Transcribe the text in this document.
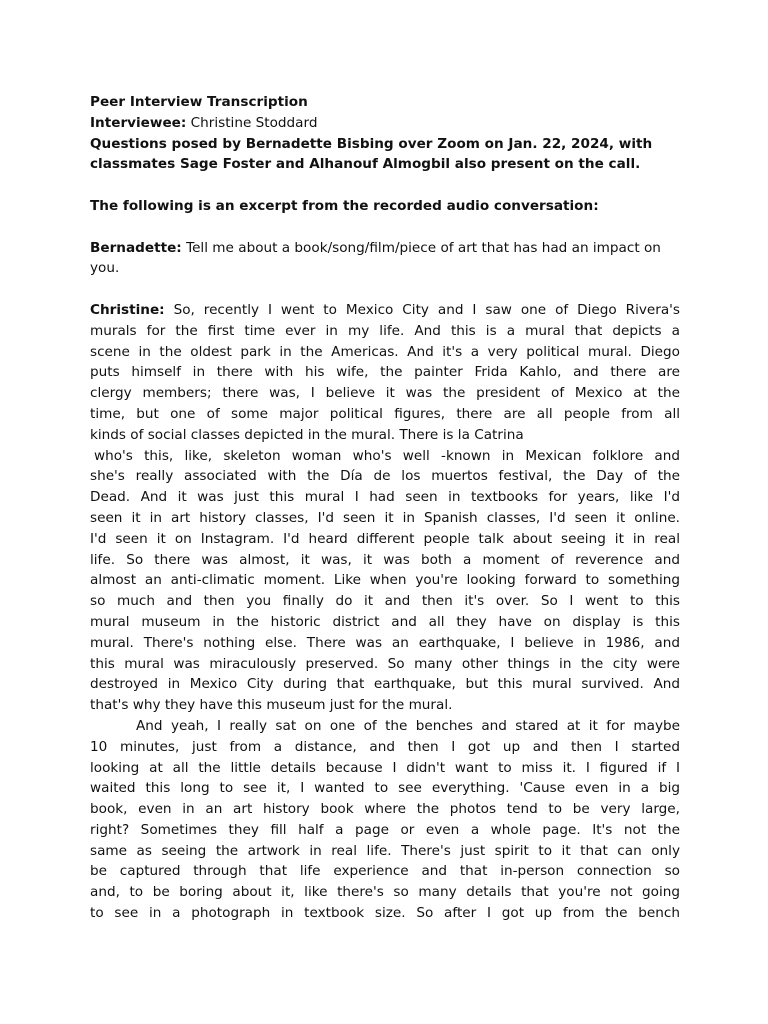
Peer Interview Transcription
Interviewee: Christine Stoddard
Questions posed by Bernadette Bisbing over Zoom on Jan. 22, 2024, with
classmates Sage Foster and Alhanouf Almogbil also present on the call.
The following is an excerpt from the recorded audio conversation:
Bernadette: Tell me about a book/song/film/piece of art that has had an impact on
you.
Christine: So, recently I went to Mexico City and I saw one of Diego Rivera's
murals for the first time ever in my life. And this is a mural that depicts a
scene in the oldest park in the Americas. And it's a very political mural. Diego
puts himself in there with his wife, the painter Frida Kahlo, and there are
clergy members; there was, I believe it was the president of Mexico at the
time, but one of some major political figures, there are all people from all
kinds of social classes depicted in the mural. There is la Catrina
who's this, like, skeleton woman who's well -known in Mexican folklore and
she's really associated with the Día de los muertos festival, the Day of the
Dead. And it was just this mural I had seen in textbooks for years, like I'd
seen it in art history classes, I'd seen it in Spanish classes, I'd seen it online.
I'd seen it on Instagram. I'd heard different people talk about seeing it in real
life. So there was almost, it was, it was both a moment of reverence and
almost an anti-climatic moment. Like when you're looking forward to something
so much and then you finally do it and then it's over. So I went to this
mural museum in the historic district and all they have on display is this
mural. There's nothing else. There was an earthquake, I believe in 1986, and
this mural was miraculously preserved. So many other things in the city were
destroyed in Mexico City during that earthquake, but this mural survived. And
that's why they have this museum just for the mural.
And yeah, I really sat on one of the benches and stared at it for maybe
10 minutes, just from a distance, and then I got up and then I started
looking at all the little details because I didn't want to miss it. I figured if I
waited this long to see it, I wanted to see everything. 'Cause even in a big
book, even in an art history book where the photos tend to be very large,
right? Sometimes they fill half a page or even a whole page. It's not the
same as seeing the artwork in real life. There's just spirit to it that can only
be captured through that life experience and that in-person connection so
and, to be boring about it, like there's so many details that you're not going
to see in a photograph in textbook size. So after I got up from the bench
